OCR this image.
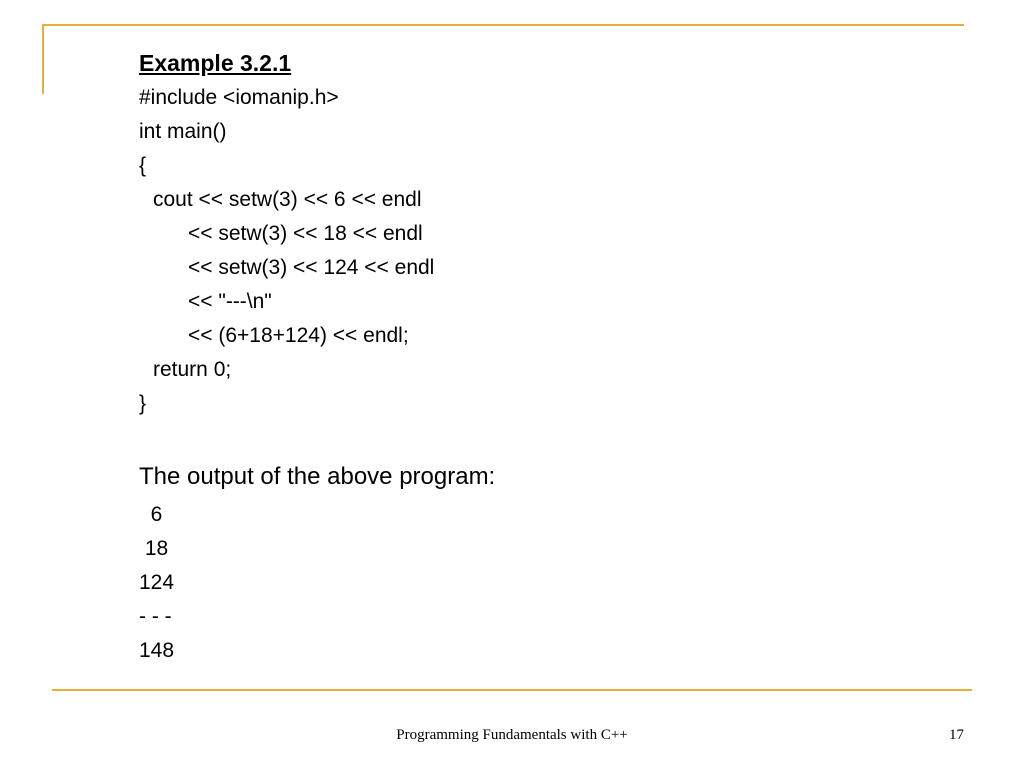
Example 3.2.1
#include <iomanip.h>
int main()
{
cout << setw(3) << 6 << endl
<< setw(3) << 18 << endl
<< setw(3) << 124 << endl
<< "---\n"
<< (6+18+124) << endl;
return 0;
}
The output of the above program:
6
18
124
- - -
148
Programming Fundamentals with C++	17
